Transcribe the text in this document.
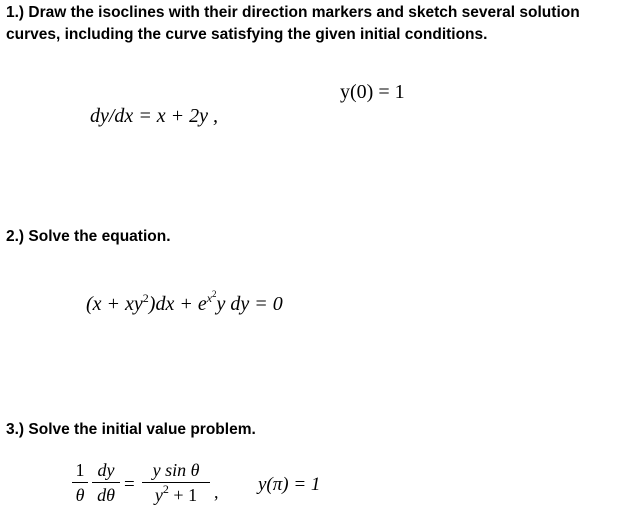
1.) Draw the isoclines with their direction markers and sketch several solution
curves, including the curve satisfying the given initial conditions.

dy/dx = x + 2y ,

y(0) = 1
2.) Solve the equation.

$(x + xy^2)dx + e^{x^2}y$ dy = 0

3.) Solve the initial value problem.
1
θ
dy
dθ =
y sin θ
$y^2 + 1$ , y(π) = 1
